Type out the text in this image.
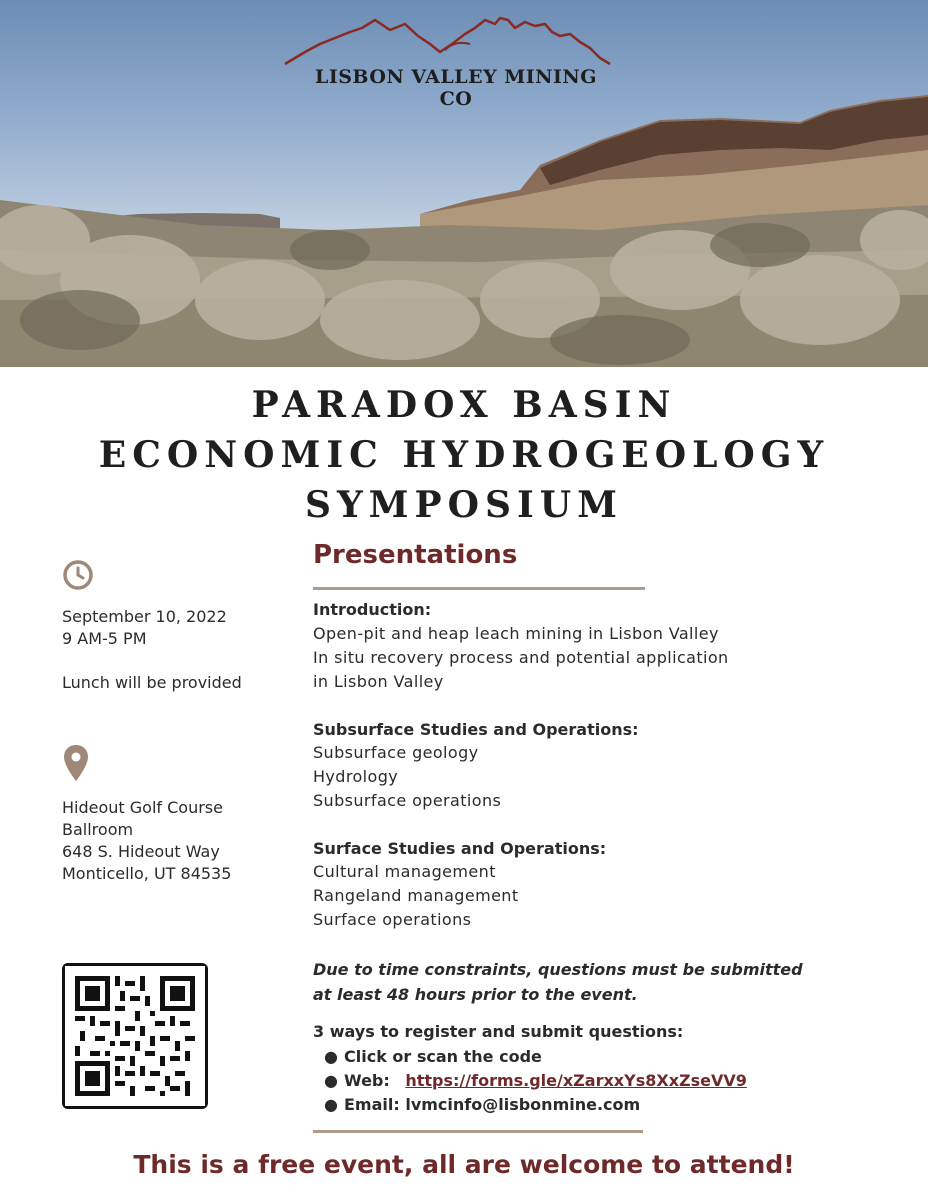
LISBON VALLEY MINING CO
PARADOX BASIN
ECONOMIC HYDROGEOLOGY
SYMPOSIUM
September 10, 2022
9 AM-5 PM
Lunch will be provided
Hideout Golf Course
Ballroom
648 S. Hideout Way
Monticello, UT 84535
Presentations
Introduction:
Open-pit and heap leach mining in Lisbon Valley
In situ recovery process and potential application
in Lisbon Valley
Subsurface Studies and Operations:
Subsurface geology
Hydrology
Subsurface operations
Surface Studies and Operations:
Cultural management
Rangeland management
Surface operations
Due to time constraints, questions must be submitted
at least 48 hours prior to the event.
3 ways to register and submit questions:
● Click or scan the code
● Web: https://forms.gle/xZarxxYs8XxZseVV9
● Email: lvmcinfo@lisbonmine.com
This is a free event, all are welcome to attend!
